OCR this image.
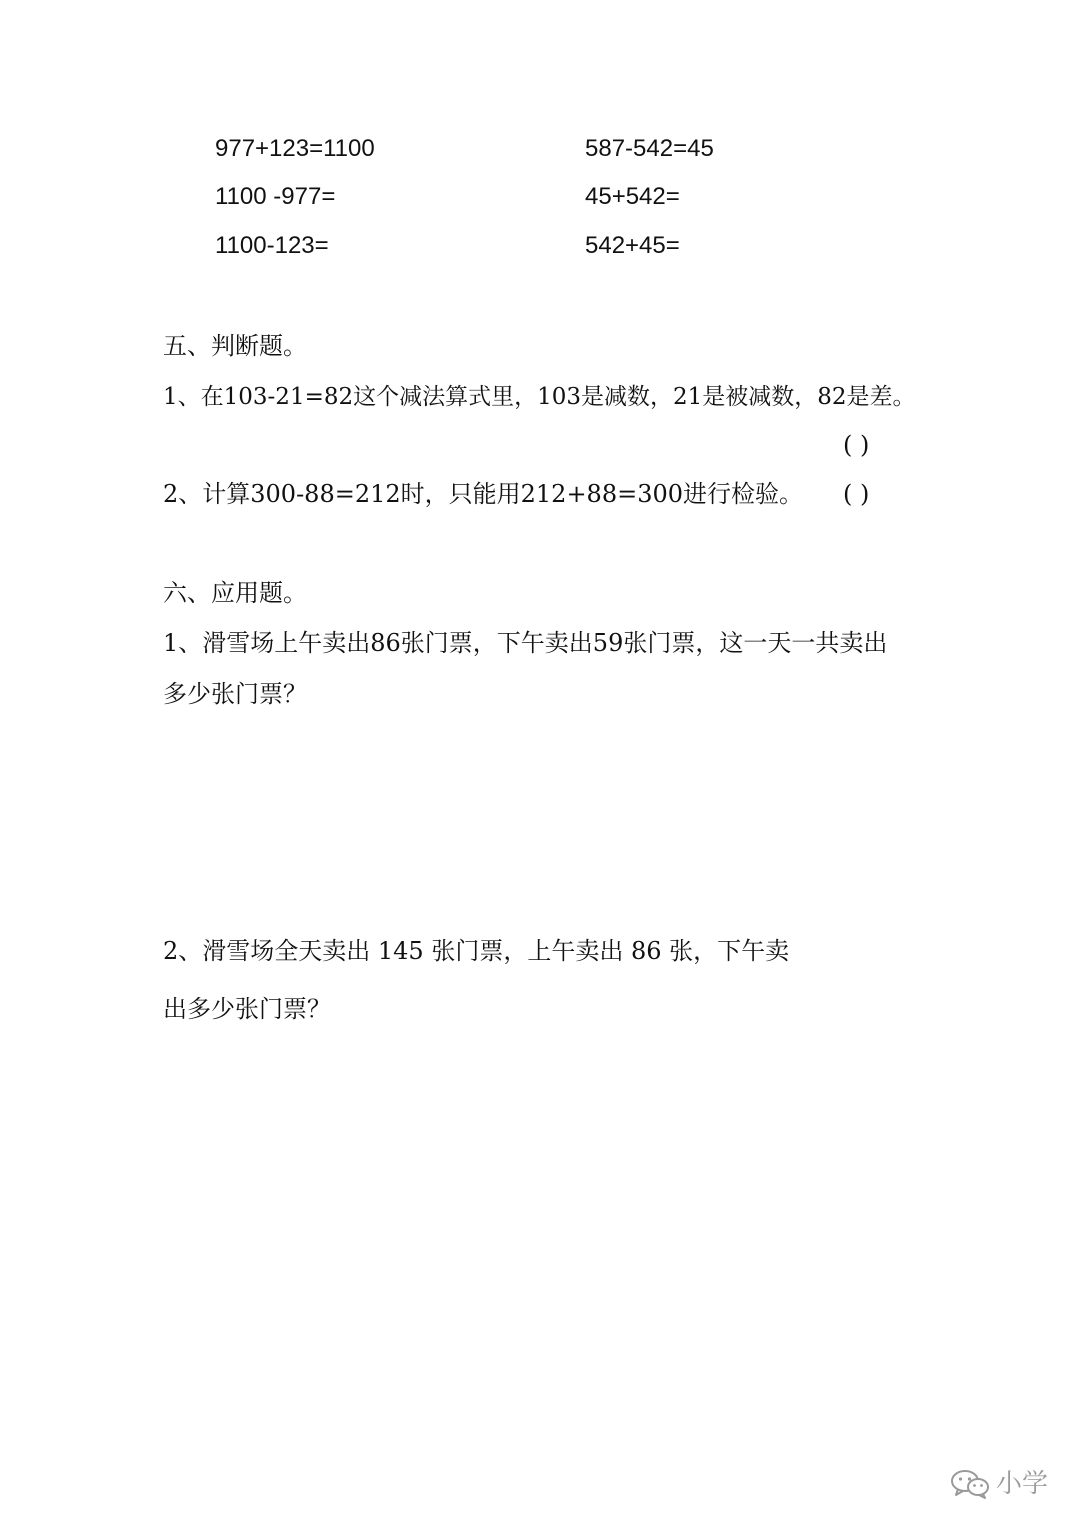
977+123=1100
1100 -977=
1100-123=
587-542=45
45+542=
542+45=
五、判断题。
1、在103-21=82这个减法算式里，103是减数，21是被减数，82是差。
( )
2、计算300-88=212时，只能用212+88=300进行检验。 ( )
六、应用题。
1、滑雪场上午卖出86张门票，下午卖出59张门票，这一天一共卖出
多少张门票？
2、滑雪场全天卖出 145 张门票，上午卖出 86 张，下午卖
出多少张门票？
小学
